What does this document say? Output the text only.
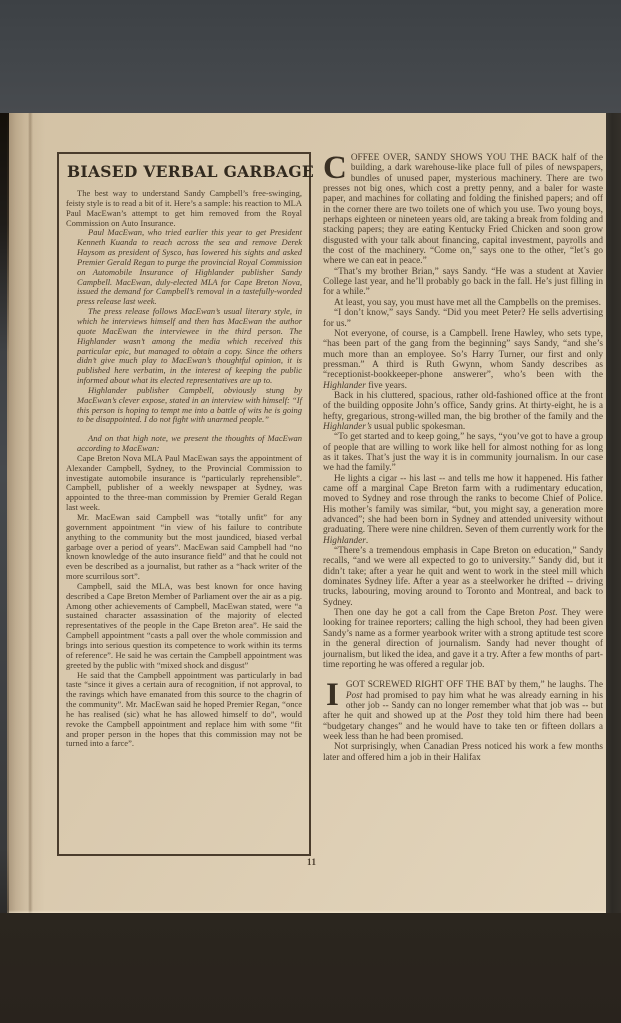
BIASED VERBAL GARBAGE

The best way to understand Sandy Campbell’s free-swinging, feisty style is to read a bit of it. Here’s a sample: his reaction to MLA Paul MacEwan’s attempt to get him removed from the Royal Commission on Auto Insurance.

Paul MacEwan, who tried earlier this year to get President Kenneth Kuanda to reach across the sea and remove Derek Haysom as president of Sysco, has lowered his sights and asked Premier Gerald Regan to purge the provincial Royal Commission on Automobile Insurance of Highlander publisher Sandy Campbell. MacEwan, duly-elected MLA for Cape Breton Nova, issued the demand for Campbell’s removal in a tastefully-worded press release last week.

The press release follows MacEwan’s usual literary style, in which he interviews himself and then has MacEwan the author quote MacEwan the interviewee in the third person. The Highlander wasn’t among the media which received this particular epic, but managed to obtain a copy. Since the others didn’t give much play to MacEwan’s thoughtful opinion, it is published here verbatim, in the interest of keeping the public informed about what its elected representatives are up to.

Highlander publisher Campbell, obviously stung by MacEwan’s clever expose, stated in an interview with himself: “If this person is hoping to tempt me into a battle of wits he is going to be disappointed. I do not fight with unarmed people.”

And on that high note, we present the thoughts of MacEwan according to MacEwan:

Cape Breton Nova MLA Paul MacEwan says the appointment of Alexander Campbell, Sydney, to the Provincial Commission to investigate automobile insurance is “particularly reprehensible”. Campbell, publisher of a weekly newspaper at Sydney, was appointed to the three-man commission by Premier Gerald Regan last week.

Mr. MacEwan said Campbell was “totally unfit” for any government appointment “in view of his failure to contribute anything to the community but the most jaundiced, biased verbal garbage over a period of years”. MacEwan said Campbell had “no known knowledge of the auto insurance field” and that he could not even be described as a journalist, but rather as a “hack writer of the more scurrilous sort”.

Campbell, said the MLA, was best known for once having described a Cape Breton Member of Parliament over the air as a pig. Among other achievements of Campbell, MacEwan stated, were “a sustained character assassination of the majority of elected representatives of the people in the Cape Breton area”. He said the Campbell appointment “casts a pall over the whole commission and brings into serious question its competence to work within its terms of reference”. He said he was certain the Campbell appointment was greeted by the public with “mixed shock and disgust”

He said that the Campbell appointment was particularly in bad taste “since it gives a certain aura of recognition, if not approval, to the ravings which have emanated from this source to the chagrin of the community”. Mr. MacEwan said he hoped Premier Regan, “once he has realised (sic) what he has allowed himself to do”, would revoke the Campbell appointment and replace him with some “fit and proper person in the hopes that this commission may not be turned into a farce”.

COFFEE OVER, SANDY SHOWS YOU THE BACK half of the building, a dark warehouse-like place full of piles of newspapers, bundles of unused paper, mysterious machinery. There are two presses not big ones, which cost a pretty penny, and a baler for waste paper, and machines for collating and folding the finished papers; and off in the corner there are two toilets one of which you use. Two young boys, perhaps eighteen or nineteen years old, are taking a break from folding and stacking papers; they are eating Kentucky Fried Chicken and soon grow disgusted with your talk about financing, capital investment, payrolls and the cost of the machinery. “Come on,” says one to the other, “let’s go where we can eat in peace.”

“That’s my brother Brian,” says Sandy. “He was a student at Xavier College last year, and he’ll probably go back in the fall. He’s just filling in for a while.”

At least, you say, you must have met all the Campbells on the premises.

“I don’t know,” says Sandy. “Did you meet Peter? He sells advertising for us.”

Not everyone, of course, is a Campbell. Irene Hawley, who sets type, “has been part of the gang from the beginning” says Sandy, “and she’s much more than an employee. So’s Harry Turner, our first and only pressman.” A third is Ruth Gwynn, whom Sandy describes as “receptionist-bookkeeper-phone answerer”, who’s been with the Highlander five years.

Back in his cluttered, spacious, rather old-fashioned office at the front of the building opposite John’s office, Sandy grins. At thirty-eight, he is a hefty, gregarious, strong-willed man, the big brother of the family and the Highlander’s usual public spokesman.

“To get started and to keep going,” he says, “you’ve got to have a group of people that are willing to work like hell for almost nothing for as long as it takes. That’s just the way it is in community journalism. In our case we had the family.”

He lights a cigar -- his last -- and tells me how it happened. His father came off a marginal Cape Breton farm with a rudimentary education, moved to Sydney and rose through the ranks to become Chief of Police. His mother’s family was similar, “but, you might say, a generation more advanced”; she had been born in Sydney and attended university without graduating. There were nine children. Seven of them currently work for the Highlander.

“There’s a tremendous emphasis in Cape Breton on education,” Sandy recalls, “and we were all expected to go to university.” Sandy did, but it didn’t take; after a year he quit and went to work in the steel mill which dominates Sydney life. After a year as a steelworker he drifted -- driving trucks, labouring, moving around to Toronto and Montreal, and back to Sydney.

Then one day he got a call from the Cape Breton Post. They were looking for trainee reporters; calling the high school, they had been given Sandy’s name as a former yearbook writer with a strong aptitude test score in the general direction of journalism. Sandy had never thought of journalism, but liked the idea, and gave it a try. After a few months of part-time reporting he was offered a regular job.

IGOT SCREWED RIGHT OFF THE BAT by them,” he laughs. The Post had promised to pay him what he was already earning in his other job -- Sandy can no longer remember what that job was -- but after he quit and showed up at the Post they told him there had been “budgetary changes” and he would have to take ten or fifteen dollars a week less than he had been promised.

Not surprisingly, when Canadian Press noticed his work a few months later and offered him a job in their Halifax

11
